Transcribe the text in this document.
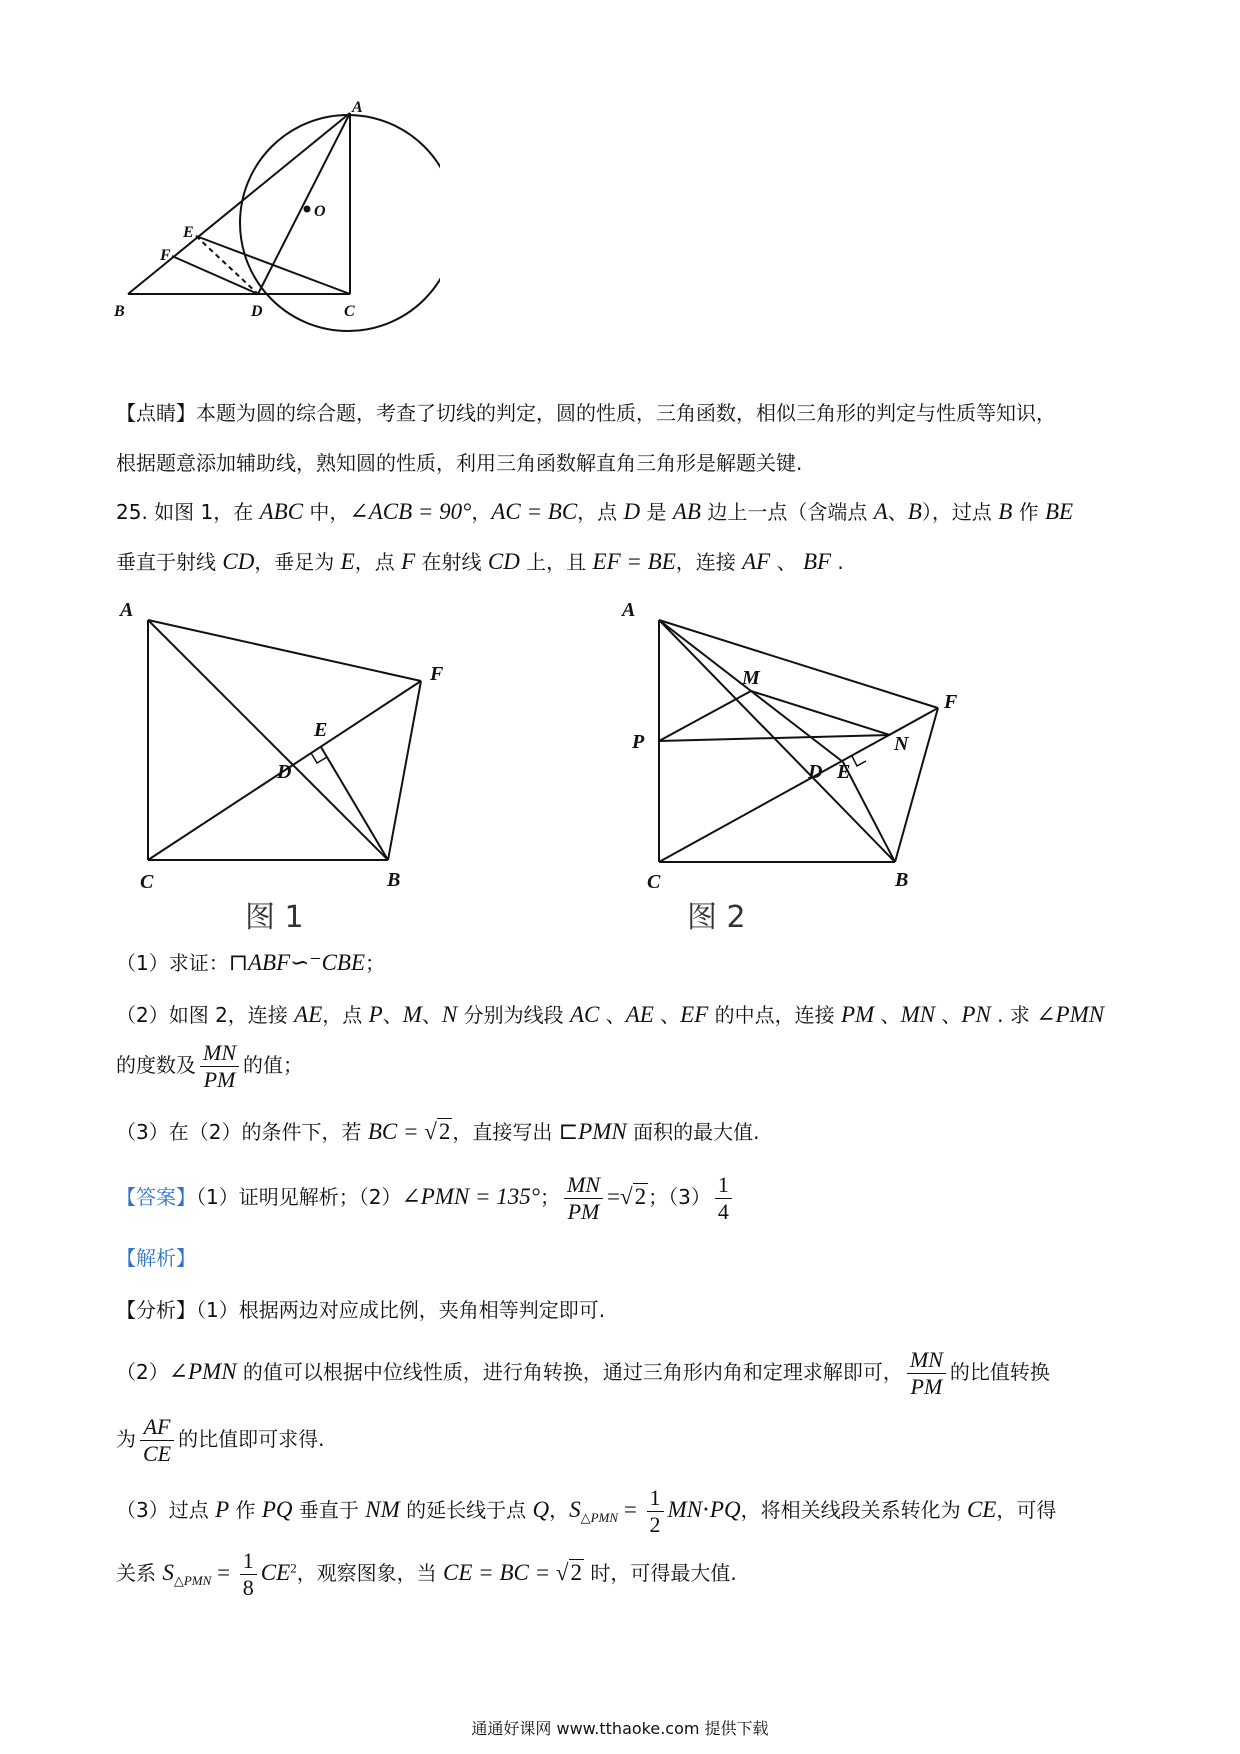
A
O
E
F
B	D	C
【点睛】本题为圆的综合题，考查了切线的判定，圆的性质，三角函数，相似三角形的判定与性质等知识，
根据题意添加辅助线，熟知圆的性质，利用三角函数解直角三角形是解题关键.
25. 如图 1，在 ABC 中，∠ACB = 90°，AC = BC，点 D 是 AB 边上一点（含端点 A、B），过点 B 作 BE
垂直于射线 CD，垂足为 E，点 F 在射线 CD 上，且 EF = BE，连接 AF 、 BF .
A
F
E
D
C	B
图 1
A
M
F
P	N
D E
C	B
图 2
（1）求证：⊓ABF∽⁻CBE；
（2）如图 2，连接 AE，点 P、M、N 分别为线段 AC 、AE 、EF 的中点，连接 PM 、MN 、PN . 求 ∠PMN
的度数及 $\frac{MN}{PM}$ 的值；
（3）在（2）的条件下，若 BC = √2 ，直接写出 ⊏PMN 面积的最大值.
【答案】（1）证明见解析；（2）∠PMN = 135°； $\frac{MN}{PM} =√2$ ；$(3) \frac{1}{4}$
【解析】
【分析】（1）根据两边对应成比例，夹角相等判定即可.
（2）∠PMN 的值可以根据中位线性质，进行角转换，通过三角形内角和定理求解即可， $\frac{MN}{PM}$ 的比值转换
为 $\frac{AF}{CE}$ 的比值即可求得.
（3）过点 P 作 PQ 垂直于 NM 的延长线于点 Q，$S_{\triangle PMN} = \frac{1}{2} MN\cdot PQ$，将相关线段关系转化为 CE，可得
关系 $S_{\triangle PMN} = \frac{1}{8} CE^2$，观察图象，当 CE = BC = √2 时，可得最大值.
通通好课网 www.tthaoke.com 提供下载
